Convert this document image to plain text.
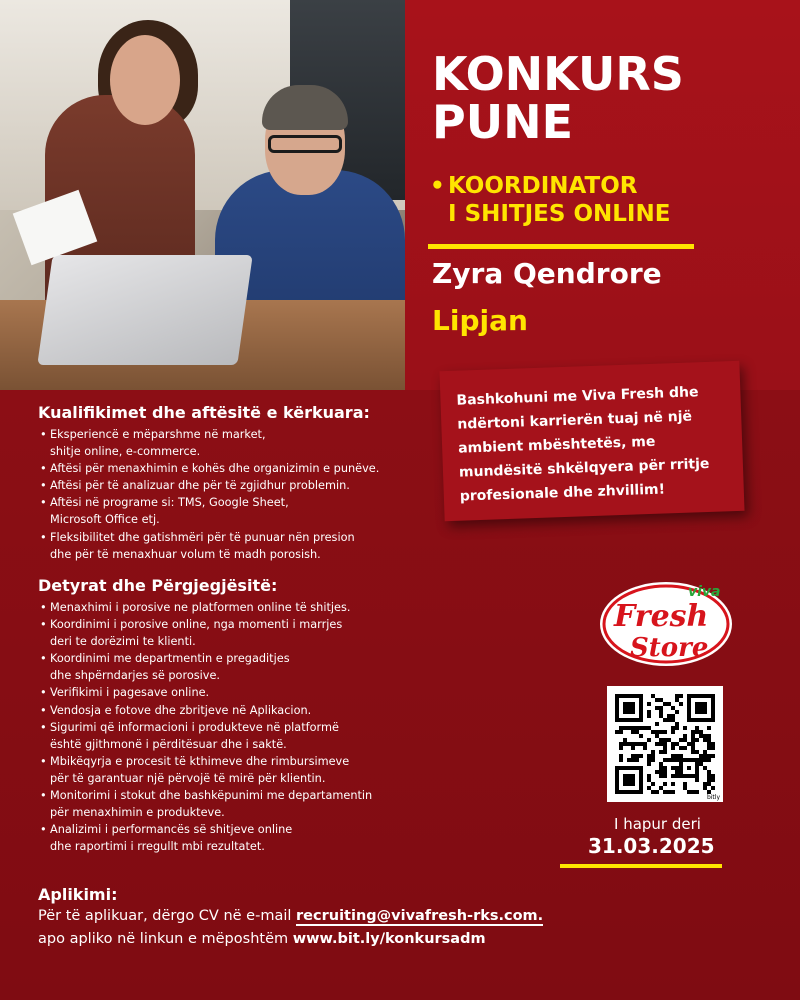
KONKURS
PUNE
• KOORDINATOR
I SHITJES ONLINE
Zyra Qendrore
Lipjan
Bashkohuni me Viva Fresh dhe ndërtoni karrierën tuaj në një ambient mbështetës, me mundësitë shkëlqyera për rritje profesionale dhe zhvillim!
Kualifikimet dhe aftësitë e kërkuara:
• Eksperiencë e mëparshme në market,
shitje online, e-commerce.
• Aftësi për menaxhimin e kohës dhe organizimin e punëve.
• Aftësi për të analizuar dhe për të zgjidhur problemin.
• Aftësi në programe si: TMS, Google Sheet,
Microsoft Office etj.
• Fleksibilitet dhe gatishmëri për të punuar nën presion
dhe për të menaxhuar volum të madh porosish.
Detyrat dhe Përgjegjësitë:
• Menaxhimi i porosive ne platformen online të shitjes.
• Koordinimi i porosive online, nga momenti i marrjes
deri te dorëzimi te klienti.
• Koordinimi me departmentin e pregaditjes
dhe shpërndarjes së porosive.
• Verifikimi i pagesave online.
• Vendosja e fotove dhe zbritjeve në Aplikacion.
• Sigurimi që informacioni i produkteve në platformë
është gjithmonë i përditësuar dhe i saktë.
• Mbikëqyrja e procesit të kthimeve dhe rimbursimeve
për të garantuar një përvojë të mirë për klientin.
• Monitorimi i stokut dhe bashkëpunimi me departamentin
për menaxhimin e produkteve.
• Analizimi i performancës së shitjeve online
dhe raportimi i rregullt mbi rezultatet.
viva
Fresh
Store
bitly
I hapur deri
31.03.2025
Aplikimi:
Për të aplikuar, dërgo CV në e-mail recruiting@vivafresh-rks.com.
apo apliko në linkun e mëposhtëm www.bit.ly/konkursadm
